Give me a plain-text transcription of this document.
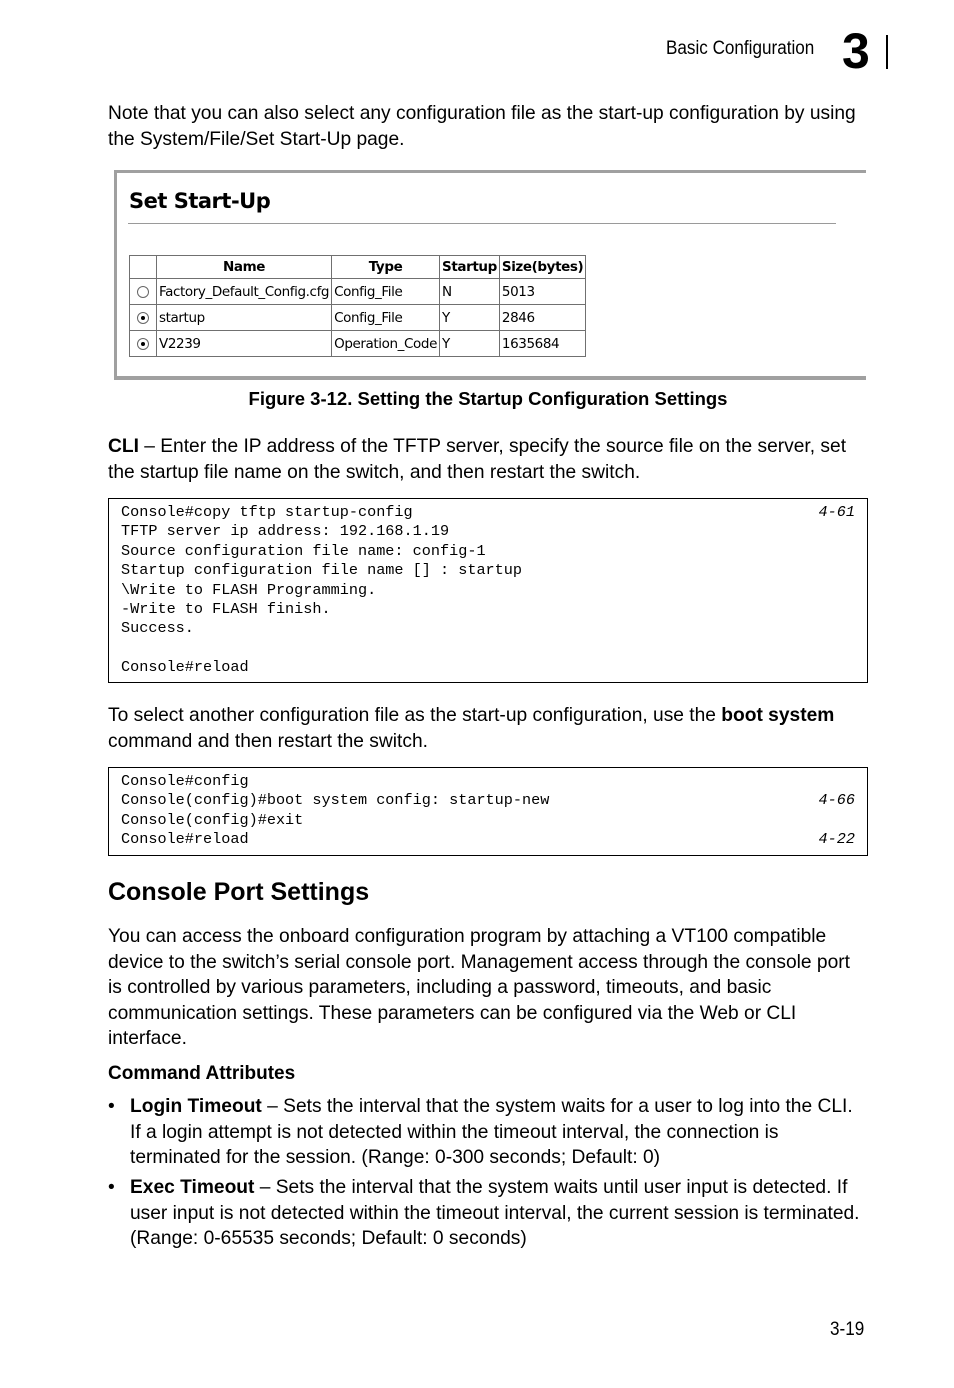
Basic Configuration 3
Note that you can also select any configuration file as the start-up configuration by using the System/File/Set Start-Up page.
Set Start-Up
	Name	Type	Startup	Size(bytes)
	Factory_Default_Config.cfg	Config_File	N	5013
	startup	Config_File	Y	2846
	V2239	Operation_Code	Y	1635684
Figure 3-12. Setting the Startup Configuration Settings
CLI – Enter the IP address of the TFTP server, specify the source file on the server, set the startup file name on the switch, and then restart the switch.
Console#copy tftp startup-config	4-61
TFTP server ip address: 192.168.1.19
Source configuration file name: config-1
Startup configuration file name [] : startup
\Write to FLASH Programming.
-Write to FLASH finish.
Success.
Console#reload
To select another configuration file as the start-up configuration, use the boot system command and then restart the switch.
Console#config
Console(config)#boot system config: startup-new	4-66
Console(config)#exit
Console#reload	4-22
Console Port Settings
You can access the onboard configuration program by attaching a VT100 compatible device to the switch’s serial console port. Management access through the console port is controlled by various parameters, including a password, timeouts, and basic communication settings. These parameters can be configured via the Web or CLI interface.
Command Attributes
• Login Timeout – Sets the interval that the system waits for a user to log into the CLI. If a login attempt is not detected within the timeout interval, the connection is terminated for the session. (Range: 0-300 seconds; Default: 0)
• Exec Timeout – Sets the interval that the system waits until user input is detected. If user input is not detected within the timeout interval, the current session is terminated. (Range: 0-65535 seconds; Default: 0 seconds)
3-19
